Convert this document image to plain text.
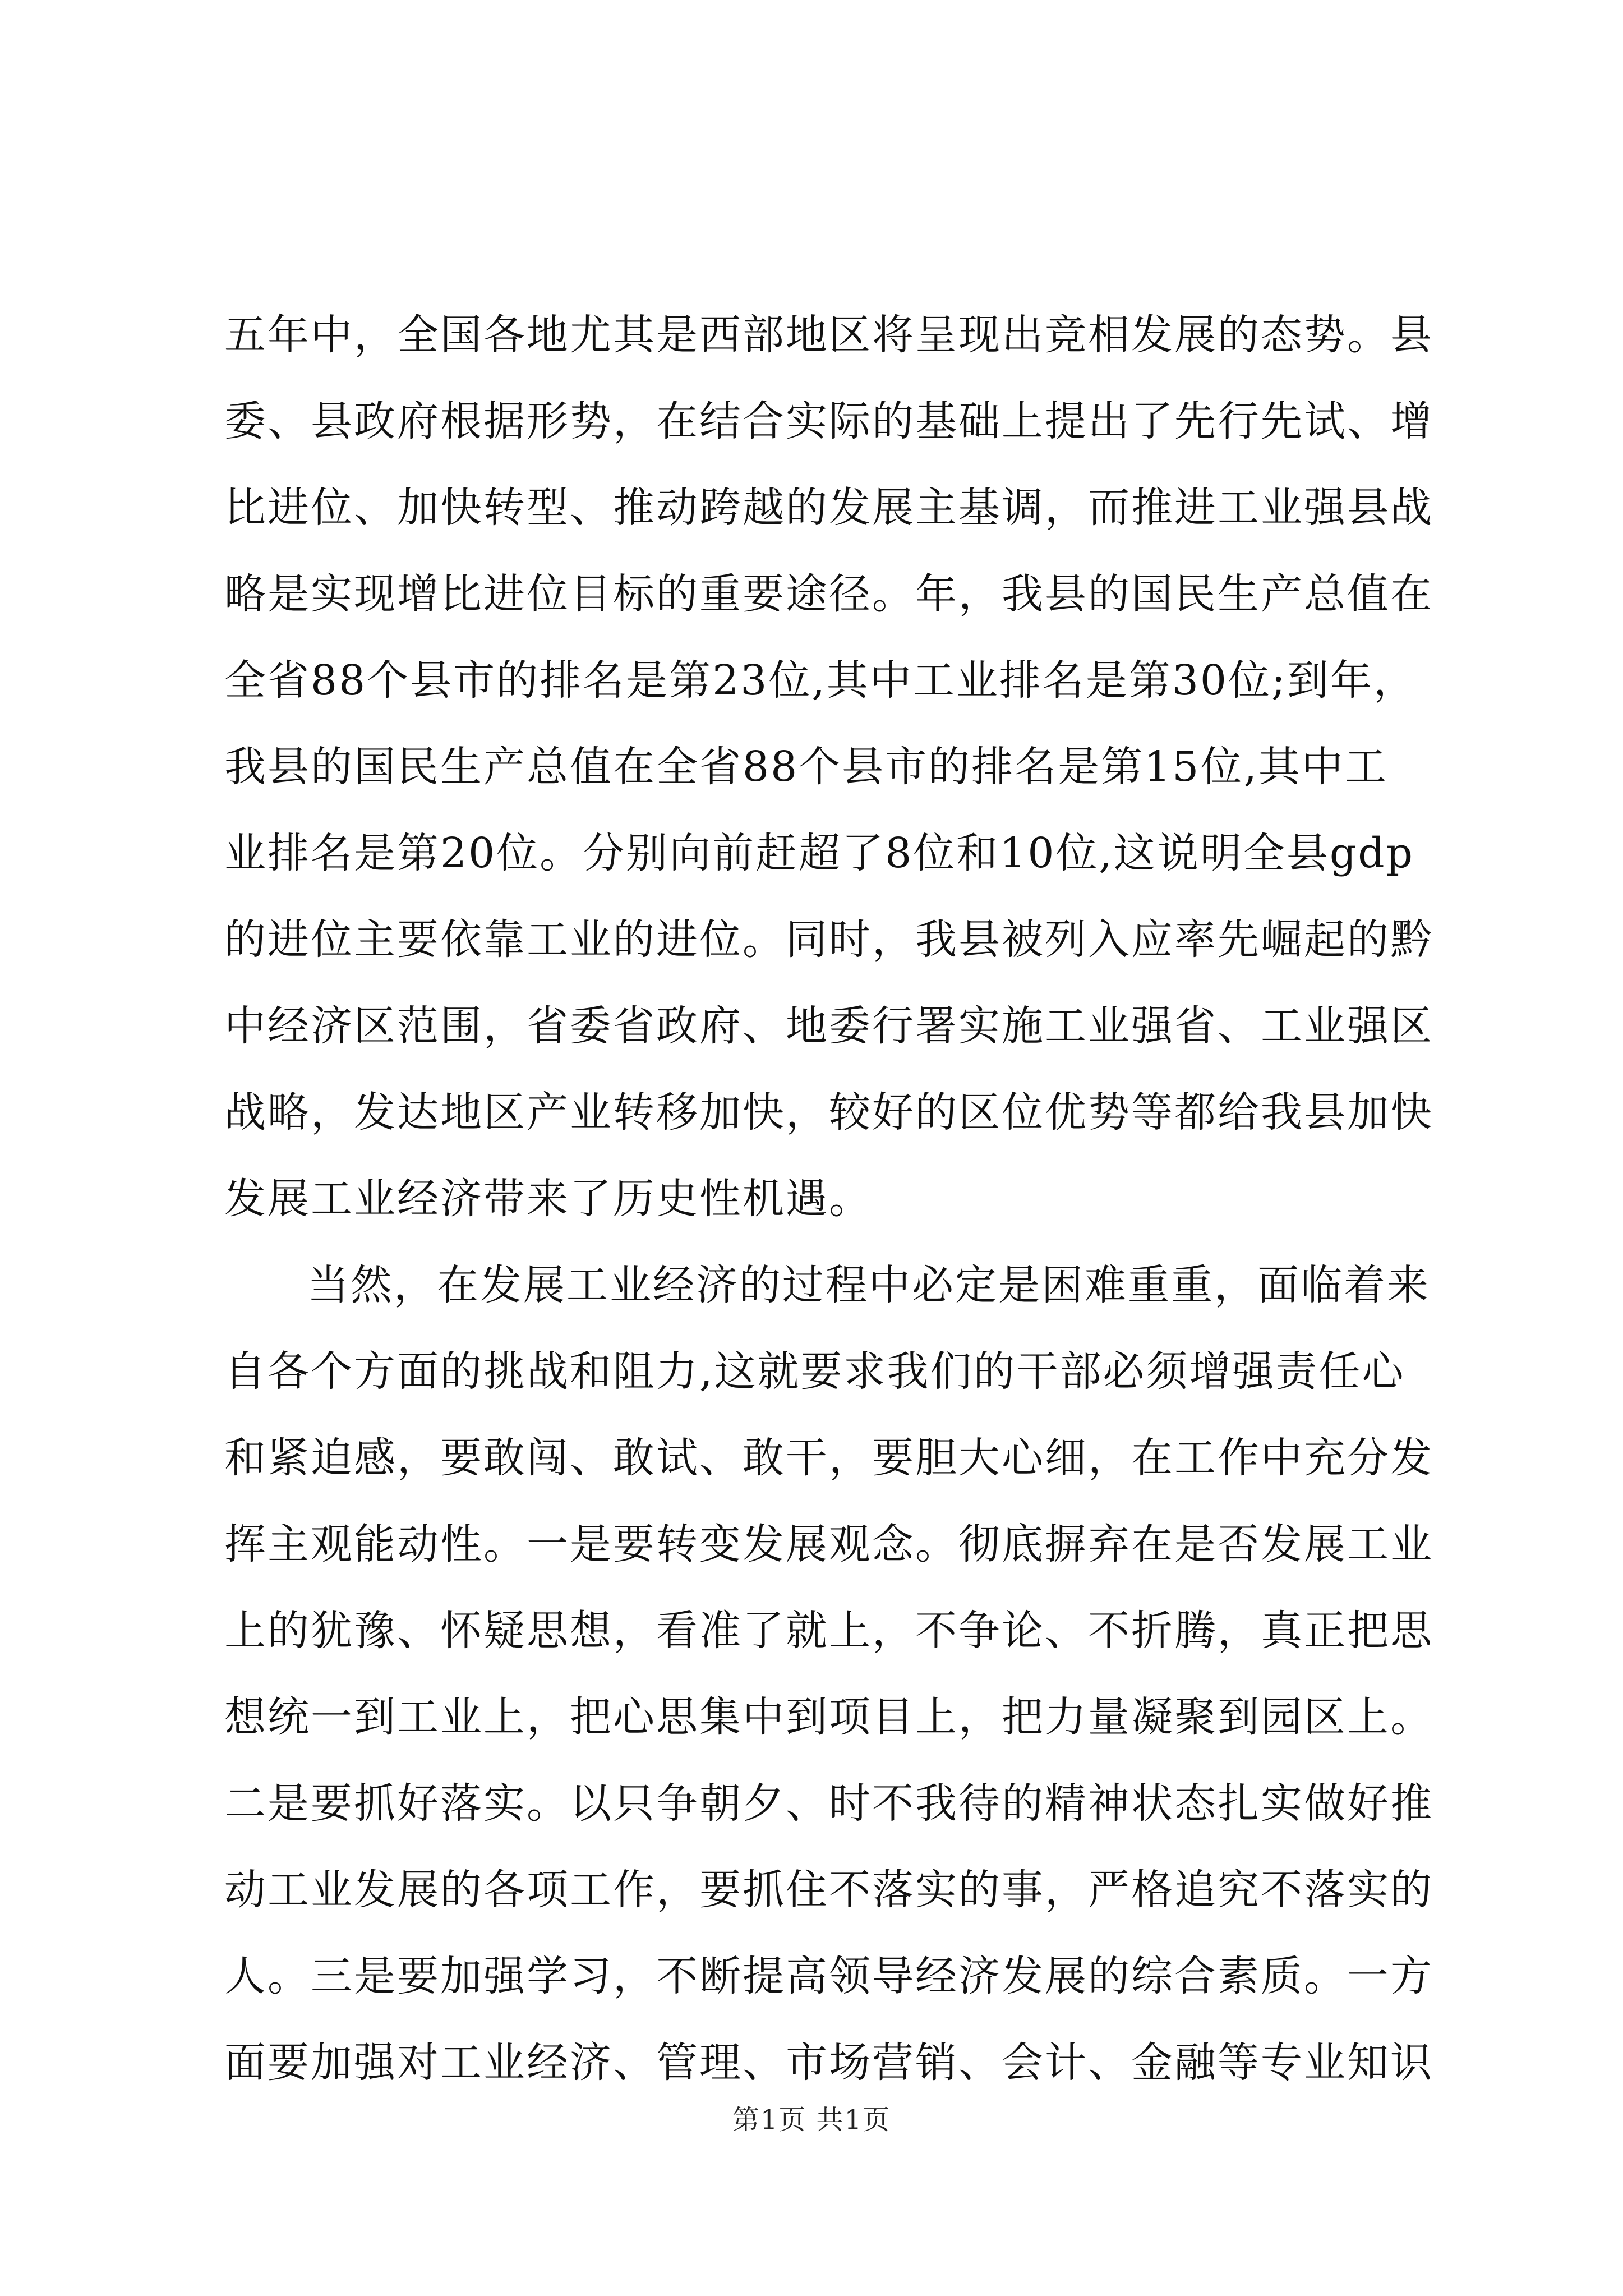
五年中，全国各地尤其是西部地区将呈现出竞相发展的态势。县
委、县政府根据形势，在结合实际的基础上提出了先行先试、增
比进位、加快转型、推动跨越的发展主基调，而推进工业强县战
略是实现增比进位目标的重要途径。年，我县的国民生产总值在
全省88个县市的排名是第23位,其中工业排名是第30位;到年，
我县的国民生产总值在全省88个县市的排名是第15位,其中工
业排名是第20位。分别向前赶超了8位和10位,这说明全县gdp
的进位主要依靠工业的进位。同时，我县被列入应率先崛起的黔
中经济区范围，省委省政府、地委行署实施工业强省、工业强区
战略，发达地区产业转移加快，较好的区位优势等都给我县加快
发展工业经济带来了历史性机遇。

当然，在发展工业经济的过程中必定是困难重重，面临着来
自各个方面的挑战和阻力,这就要求我们的干部必须增强责任心
和紧迫感，要敢闯、敢试、敢干，要胆大心细，在工作中充分发
挥主观能动性。一是要转变发展观念。彻底摒弃在是否发展工业
上的犹豫、怀疑思想，看准了就上，不争论、不折腾，真正把思
想统一到工业上，把心思集中到项目上，把力量凝聚到园区上。
二是要抓好落实。以只争朝夕、时不我待的精神状态扎实做好推
动工业发展的各项工作，要抓住不落实的事，严格追究不落实的
人。三是要加强学习，不断提高领导经济发展的综合素质。一方
面要加强对工业经济、管理、市场营销、会计、金融等专业知识

第1页 共1页
